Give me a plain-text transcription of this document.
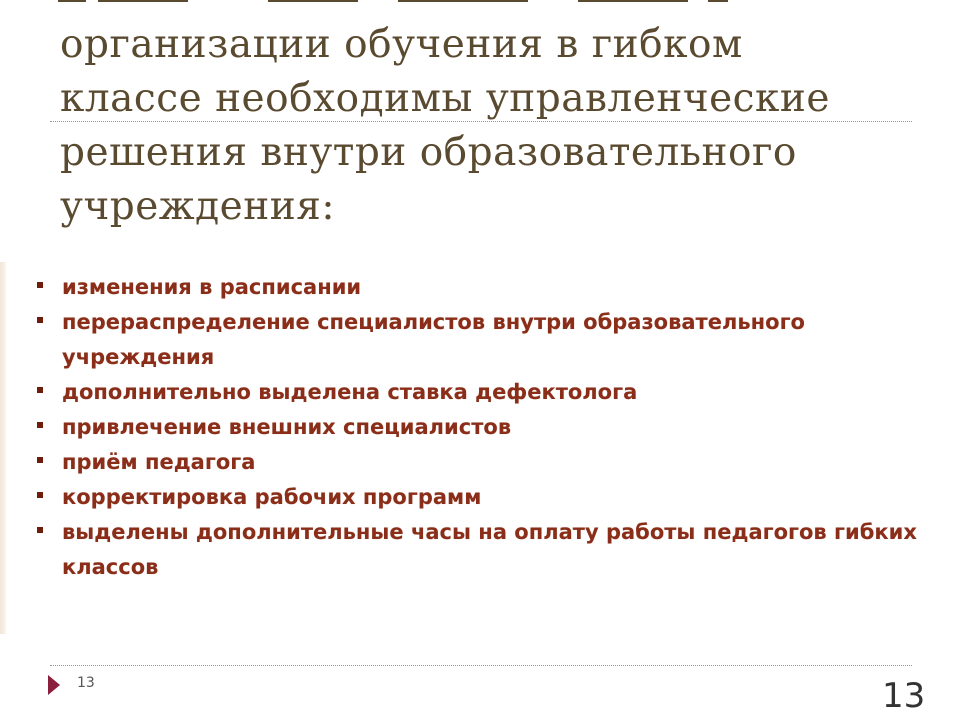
организации обучения в гибком
классе необходимы управленческие
решения внутри образовательного
учреждения:
изменения в расписании
перераспределение специалистов внутри образовательного учреждения
дополнительно выделена ставка дефектолога
привлечение внешних специалистов
приём педагога
корректировка рабочих программ
выделены дополнительные часы на оплату работы педагогов гибких классов
13	13
